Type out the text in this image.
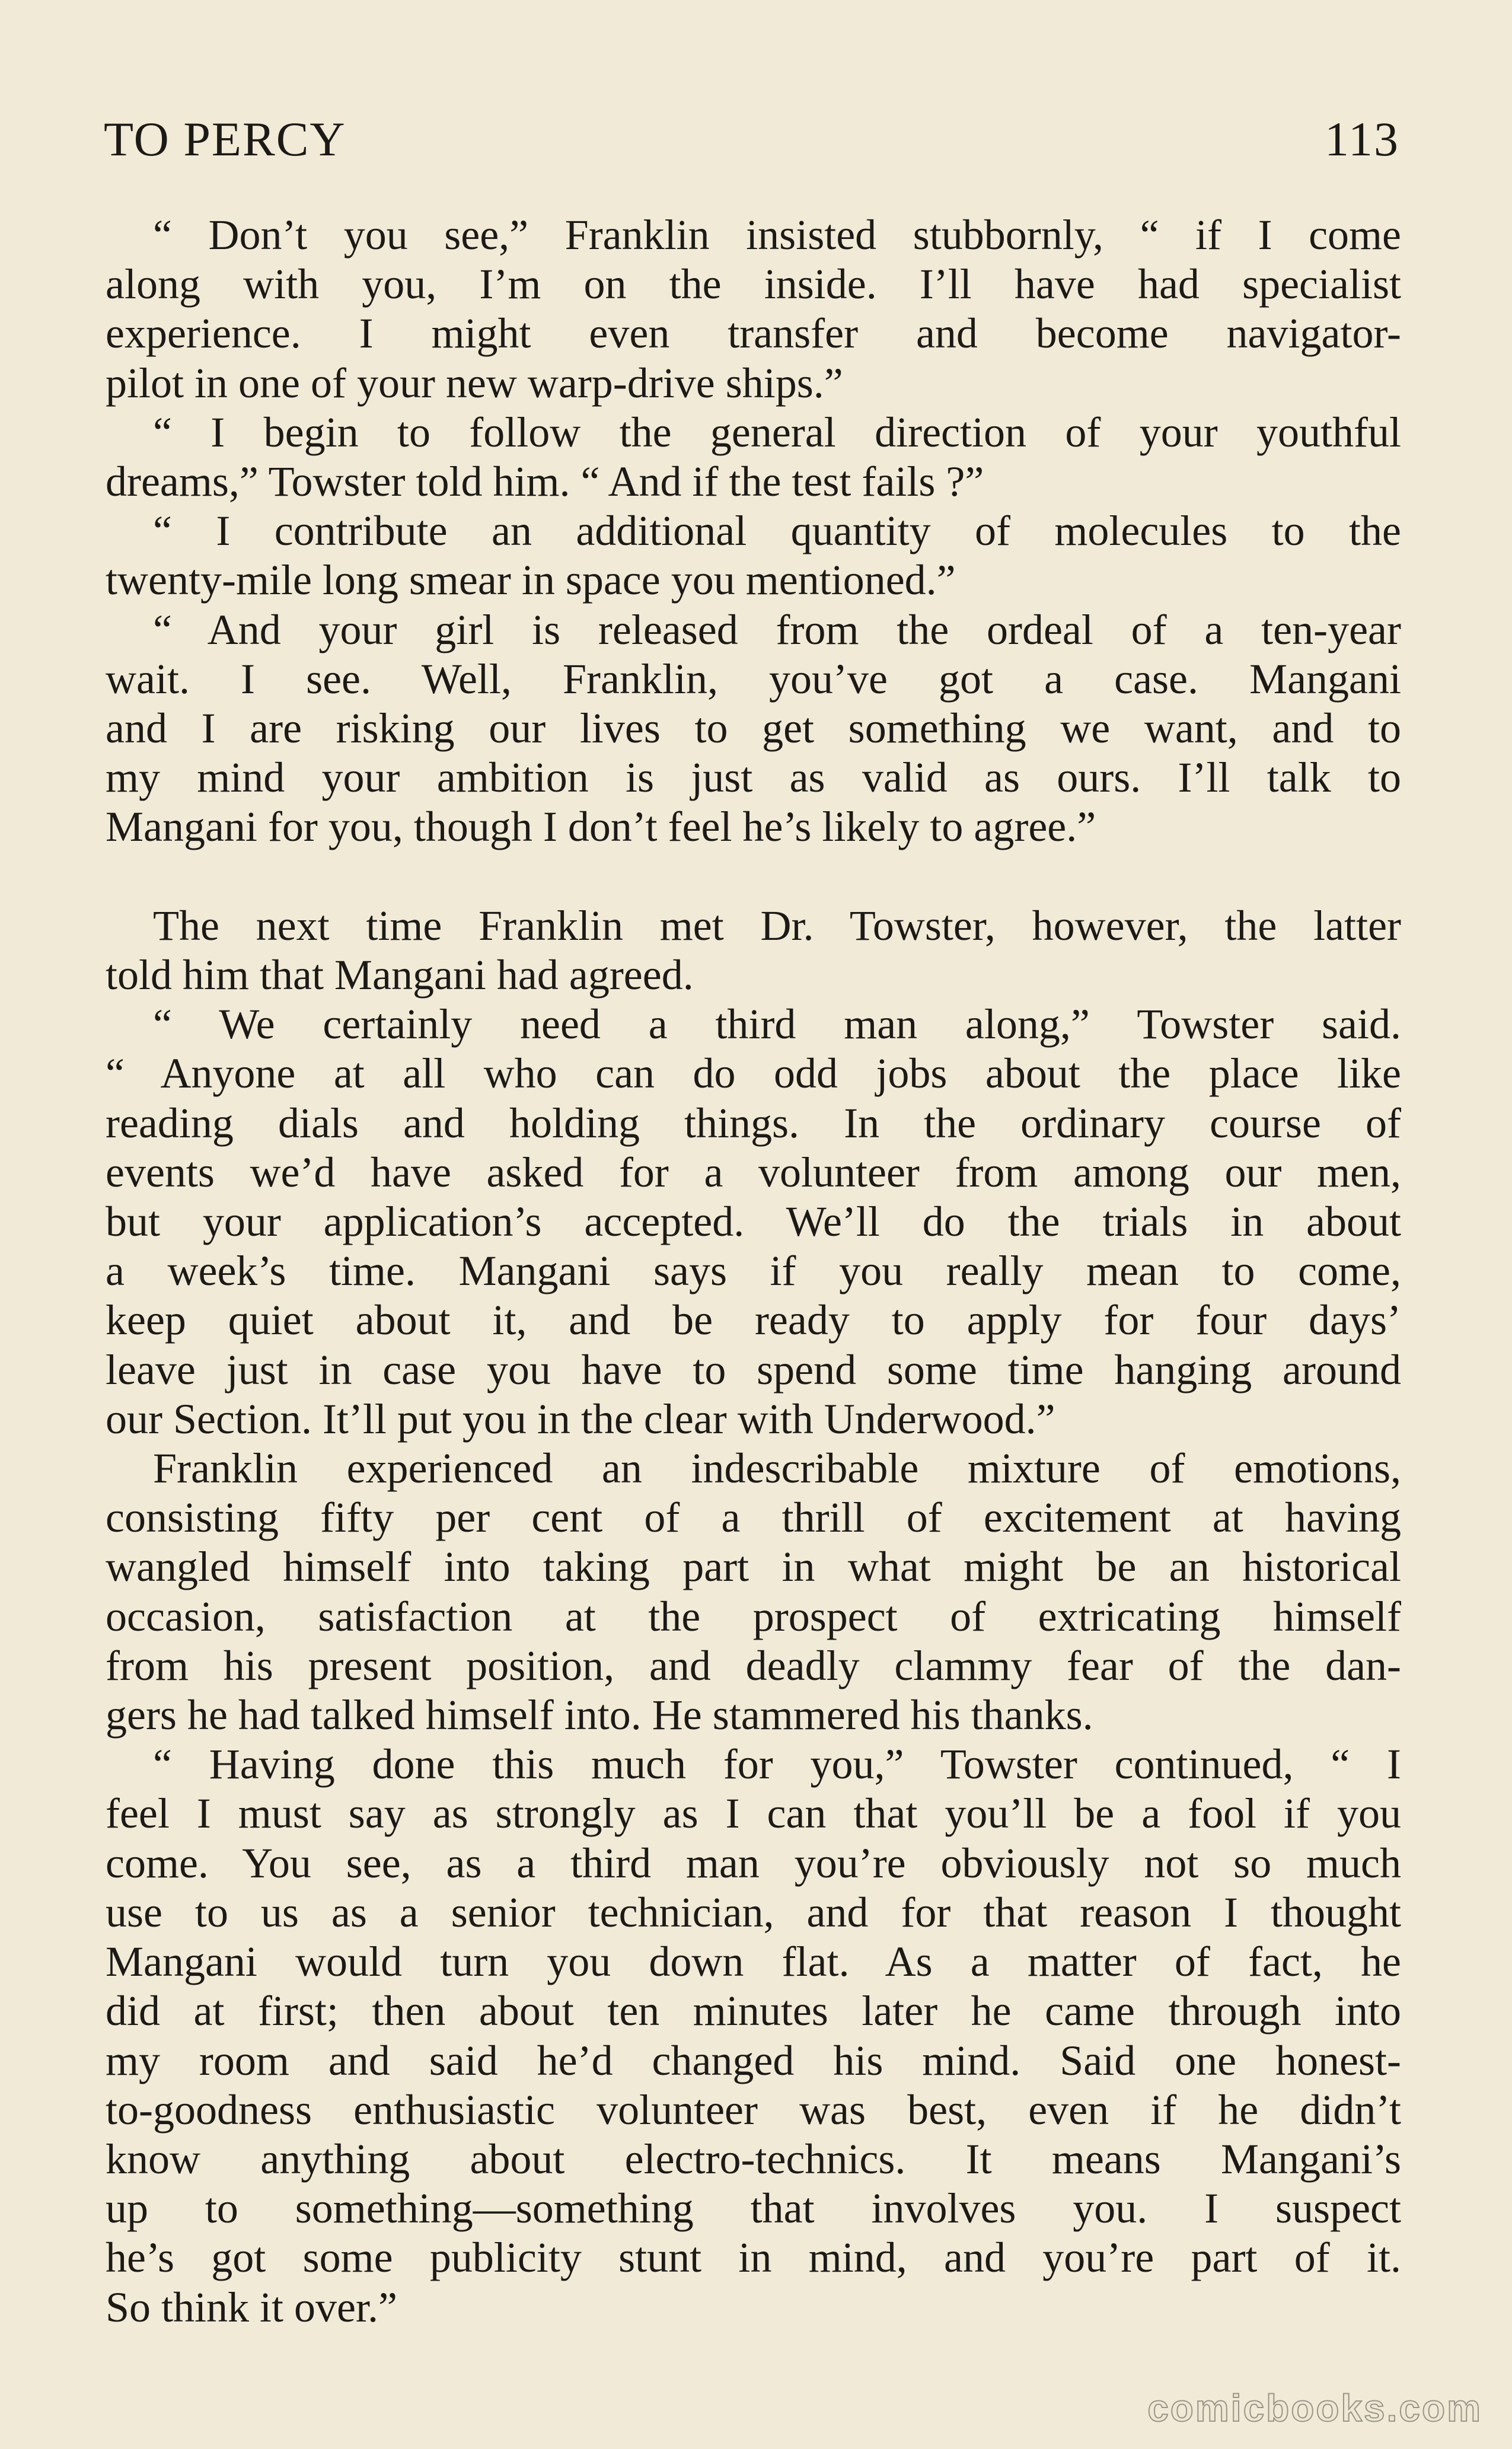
TO PERCY	113
“ Don’t you see,” Franklin insisted stubbornly, “ if I come
along with you, I’m on the inside. I’ll have had specialist
experience. I might even transfer and become navigator-
pilot in one of your new warp-drive ships.”
“ I begin to follow the general direction of your youthful
dreams,” Towster told him. “ And if the test fails ?”
“ I contribute an additional quantity of molecules to the
twenty-mile long smear in space you mentioned.”
“ And your girl is released from the ordeal of a ten-year
wait. I see. Well, Franklin, you’ve got a case. Mangani
and I are risking our lives to get something we want, and to
my mind your ambition is just as valid as ours. I’ll talk to
Mangani for you, though I don’t feel he’s likely to agree.”
The next time Franklin met Dr. Towster, however, the latter
told him that Mangani had agreed.
“ We certainly need a third man along,” Towster said.
“ Anyone at all who can do odd jobs about the place like
reading dials and holding things. In the ordinary course of
events we’d have asked for a volunteer from among our men,
but your application’s accepted. We’ll do the trials in about
a week’s time. Mangani says if you really mean to come,
keep quiet about it, and be ready to apply for four days’
leave just in case you have to spend some time hanging around
our Section. It’ll put you in the clear with Underwood.”
Franklin experienced an indescribable mixture of emotions,
consisting fifty per cent of a thrill of excitement at having
wangled himself into taking part in what might be an historical
occasion, satisfaction at the prospect of extricating himself
from his present position, and deadly clammy fear of the dan-
gers he had talked himself into. He stammered his thanks.
“ Having done this much for you,” Towster continued, “ I
feel I must say as strongly as I can that you’ll be a fool if you
come. You see, as a third man you’re obviously not so much
use to us as a senior technician, and for that reason I thought
Mangani would turn you down flat. As a matter of fact, he
did at first; then about ten minutes later he came through into
my room and said he’d changed his mind. Said one honest-
to-goodness enthusiastic volunteer was best, even if he didn’t
know anything about electro-technics. It means Mangani’s
up to something—something that involves you. I suspect
he’s got some publicity stunt in mind, and you’re part of it.
So think it over.”
comicbooks.com
